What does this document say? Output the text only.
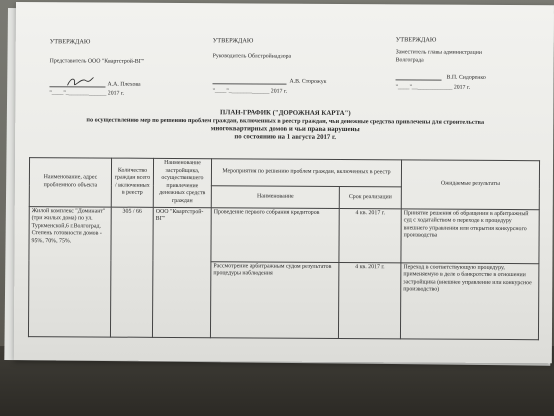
УТВЕРЖДАЮ
Представитель ООО "Квартстрой-ВГ"
А.А. Плехова
"____"______________ 2017 г.
УТВЕРЖДАЮ
Руководитель Облстройнадзора
А.В. Сторожук
"____"______________ 2017 г.
УТВЕРЖДАЮ
Заместитель главы администрации Волгограда
В.П. Сидоренко
"____"______________ 2017 г.
ПЛАН-ГРАФИК ("ДОРОЖНАЯ КАРТА")
по осуществлению мер по решению проблем граждан, включенных в реестр граждан, чьи денежные средства привлечены для строительства
многоквартирных домов и чьи права нарушены
по состоянию на 1 августа 2017 г.
Наименование, адрес проблемного объекта	Количество граждан всего / включенных в реестр	Наименование застройщика, осуществившего привлечение денежных средств граждан	Мероприятия по решению проблем граждан, включенных в реестр		Ожидаемые результаты
			Наименование	Срок реализации	
Жилой комплекс "Доминант" (три жилых дома) по ул. Туркменской,6 г.Волгоград. Степень готовности домов - 95%, 70%, 75%.	305 / 66	ООО "Квартстрой-ВГ"	Проведение первого собрания кредиторов	4 кв. 2017 г.	Принятие решения об обращении в арбитражный суд с ходатайством о переходе к процедуру внешнего управления или открытия конкурсного производства
			Рассмотрение арбитражным судом результатов процедуры наблюдения	4 кв. 2017 г.	Переход в соответствующую процедуру, применяемую в деле о банкротстве в отношении застройщика (внешнее управление или конкурсное производство)
